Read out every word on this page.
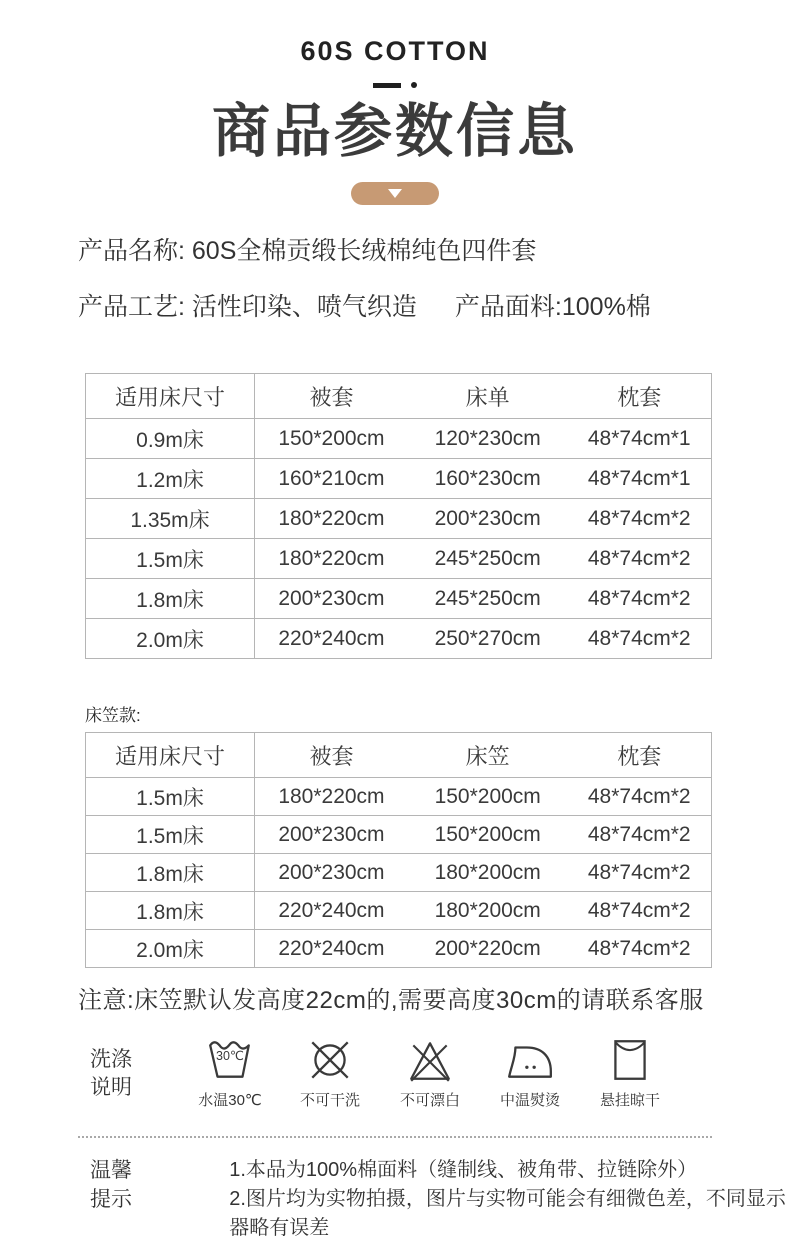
60S COTTON
商品参数信息
产品名称: 60S全棉贡缎长绒棉纯色四件套
产品工艺: 活性印染、喷气织造 产品面料:100%棉
适用床尺寸	被套	床单	枕套
0.9m床	150*200cm	120*230cm	48*74cm*1
1.2m床	160*210cm	160*230cm	48*74cm*1
1.35m床	180*220cm	200*230cm	48*74cm*2
1.5m床	180*220cm	245*250cm	48*74cm*2
1.8m床	200*230cm	245*250cm	48*74cm*2
2.0m床	220*240cm	250*270cm	48*74cm*2
床笠款:
适用床尺寸	被套	床笠	枕套
1.5m床	180*220cm	150*200cm	48*74cm*2
1.5m床	200*230cm	150*200cm	48*74cm*2
1.8m床	200*230cm	180*200cm	48*74cm*2
1.8m床	220*240cm	180*200cm	48*74cm*2
2.0m床	220*240cm	200*220cm	48*74cm*2
注意:床笠默认发高度22cm的,需要高度30cm的请联系客服
洗涤
说明
30℃
水温30℃	不可干洗	不可漂白	中温熨烫	悬挂晾干
温馨
提示
1.本品为100%棉面料（缝制线、被角带、拉链除外）
2.图片均为实物拍摄，图片与实物可能会有细微色差，不同显示器略有误差
